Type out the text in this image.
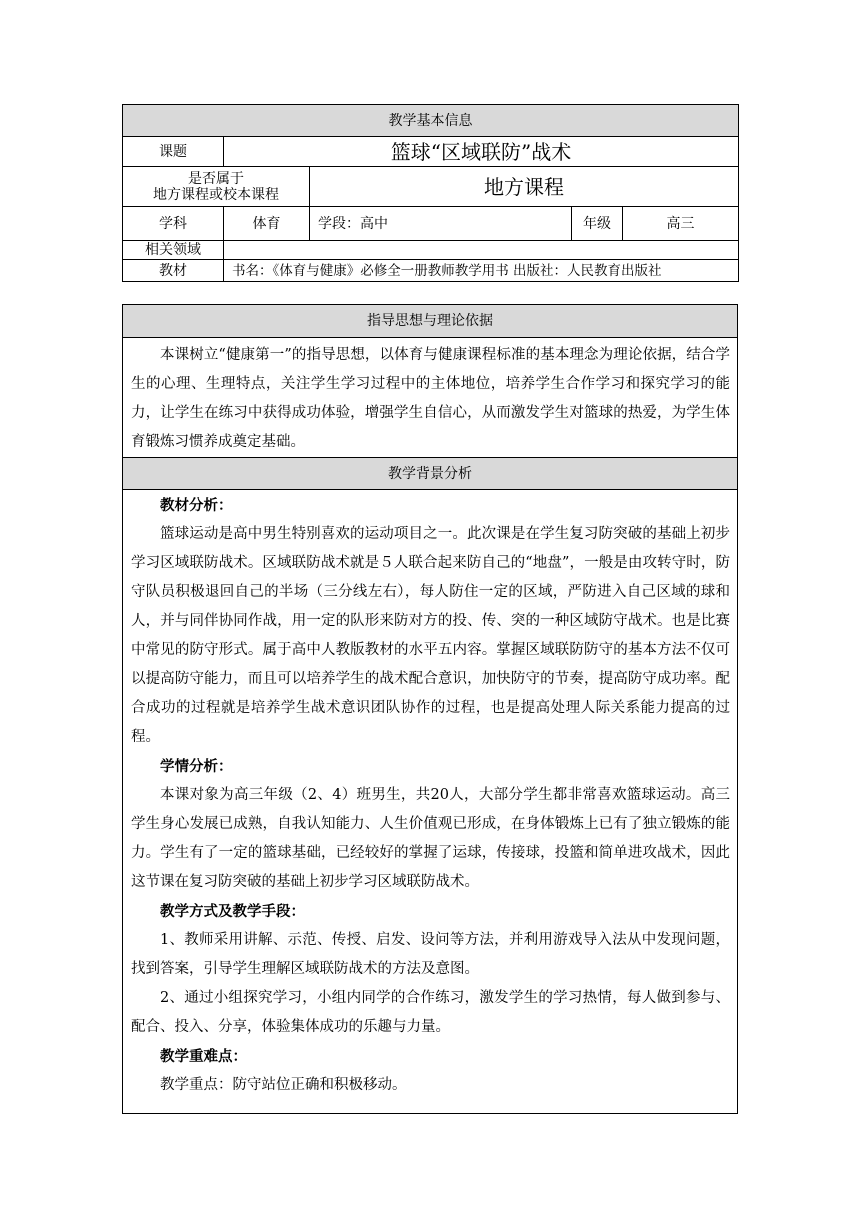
教学基本信息				
课题	篮球“区域联防”战术			

是否属于
地方课程或校本课程		地方课程		
学科	体育	学段：高中	年级	高三
相关领域				
教材	书名：《体育与健康》必修全一册教师教学用书 出版社：人民教育出版社			
指导思想与理论依据

本课树立“健康第一”的指导思想，以体育与健康课程标准的基本理念为理论依据，结合学生的心理、生理特点，关注学生学习过程中的主体地位，培养学生合作学习和探究学习的能力，让学生在练习中获得成功体验，增强学生自信心，从而激发学生对篮球的热爱，为学生体育锻炼习惯养成奠定基础。

教学背景分析

教材分析：

篮球运动是高中男生特别喜欢的运动项目之一。此次课是在学生复习防突破的基础上初步学习区域联防战术。区域联防战术就是５人联合起来防自己的“地盘”，一般是由攻转守时，防守队员积极退回自己的半场（三分线左右），每人防住一定的区域，严防进入自己区域的球和人，并与同伴协同作战，用一定的队形来防对方的投、传、突的一种区域防守战术。也是比赛中常见的防守形式。属于高中人教版教材的水平五内容。掌握区域联防防守的基本方法不仅可以提高防守能力，而且可以培养学生的战术配合意识，加快防守的节奏，提高防守成功率。配合成功的过程就是培养学生战术意识团队协作的过程，也是提高处理人际关系能力提高的过程。

学情分析：

本课对象为高三年级（2、4）班男生，共20人，大部分学生都非常喜欢篮球运动。高三学生身心发展已成熟，自我认知能力、人生价值观已形成，在身体锻炼上已有了独立锻炼的能力。学生有了一定的篮球基础，已经较好的掌握了运球，传接球，投篮和简单进攻战术，因此这节课在复习防突破的基础上初步学习区域联防战术。

教学方式及教学手段：

1、教师采用讲解、示范、传授、启发、设问等方法，并利用游戏导入法从中发现问题，找到答案，引导学生理解区域联防战术的方法及意图。

2、通过小组探究学习，小组内同学的合作练习，激发学生的学习热情，每人做到参与、配合、投入、分享，体验集体成功的乐趣与力量。

教学重难点：

教学重点：防守站位正确和积极移动。
